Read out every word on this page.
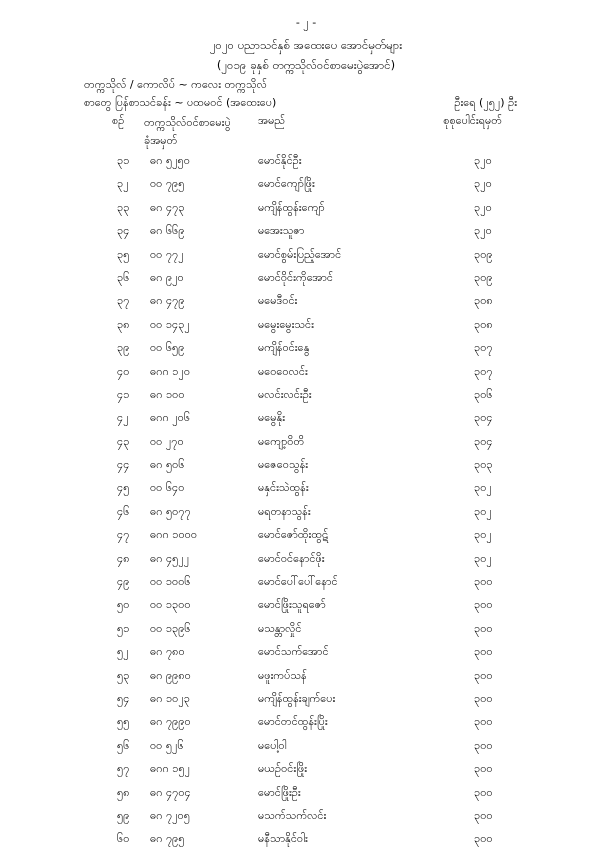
- ၂ -
၂၀၂၀ ပညာသင်နှစ် အထေးပေ အောင်မှတ်များ
(၂၀၁၉ ခုနှစ် တက္ကသိုလ်ဝင်စာမေးပွဲအောင်)
တက္ကသိုလ် / ကောလိပ် ~ ကလေး တက္ကသိုလ်
စာတွေ ပြန်စာသင်ခန်း ~ ပထမဝင် (အထေးပေ)	ဦးရေ (၂၅၂) ဦး
စဉ် တက္ကသိုလ်ဝင်စာမေးပွဲ
ခုံအမှတ်
အမည်	စုစုပေါင်းရမှတ်
၃၁ ဓဂ ၅၂၅၀	မောင်နိုင်ဦး	၃၂၀
၃၂ ဝဝ ၇၉၅	မောင်ကျော်ဖြိုး	၃၂၀
၃၃ ဓဂ ၄၇၃	မကျိန်ထွန်းကျော်	၃၂၀
၃၄ ဓဂ ၆၆၉	မအေးသူဇာ	၃၂၀
၃၅ ဝဝ ၇၇၂	မောင်စွမ်းပြည့်အောင်	၃၀၉
၃၆ ဓဂ ၉၂၀	မောင်ဝိုင်းကိုအောင်	၃၀၉
၃၇ ဓဂ ၄၇၉	မမေဒီဝင်း	၃၀၈
၃၈ ဝဝ ၁၄၃၂	မမွေးမွေးသင်း	၃၀၈
၃၉ ဝဝ ၆၅၉	မကျိန်ဝင်းနွေ	၃၀၇
၄၀ ဓဂဂ ၁၂၀	မဝေဝေလင်း	၃၀၇
၄၁ ဓဂ ၁၀၀	မလင်းလင်းဦး	၃၀၆
၄၂ ဓဂဂ ၂၀၆	မမွေနိုး	၃၀၄
၄၃ ဝဝ ၂၇၀	မကျော့ဝိတိ	၃၀၄
၄၄ ဓဂ ၅၀၆	မဇေဝေသွန်း	၃၀၃
၄၅ ဝဝ ၆၄၀	မနှင်းသဲထွန်း	၃၀၂
၄၆ ဓဂ ၅၀၇၇	မရတနာသွန်း	၃၀၂
၄၇ ဓဂဂ ၁၀၀၀	မောင်ဇော်ထိုးထွဋ်	၃၀၂
၄၈ ဓဂ ၄၅၂၂	မောင်ဝင်နောင်ဖိုး	၃၀၂
၄၉ ဝဝ ၁၀၀၆	မောင်ပေါ်ပေါ်နောင်	၃၀၀
၅၀ ဝဝ ၁၃၀၀	မောင်ဖြိုးသူရဇော်	၃၀၀
၅၁ ဝဝ ၁၃၉၆	မသန္တာလှိုင်	၃၀၀
၅၂ ဓဂ ၇၈၀	မောင်သက်အောင်	၃၀၀
၅၃ ဓဂ ၉၉၈၀	မဖူးကပ်သန်	၃၀၀
၅၄ ဓဂ ၁၀၂၃	မကျိန်ထွန်းချက်ပေး	၃၀၀
၅၅ ဓဂ ၇၉၉၀	မောင်တင်ထွန်းပြိုး	၃၀၀
၅၆ ဝဝ ၅၂၆	မပေါ့ဝါ	၃၀၀
၅၇ ဓဂဂ ၁၅၂	မယဉ်ဝင်းဖြိုး	၃၀၀
၅၈ ဓဂ ၄၇၀၄	မောင်ဖြိုးဦး	၃၀၀
၅၉ ဓဂ ၇၂၀၅	မသက်သက်လင်း	၃၀၀
၆၀ ဓဂ ၇၉၅	မနီသာနိုင်ဝါး	၃၀၀
